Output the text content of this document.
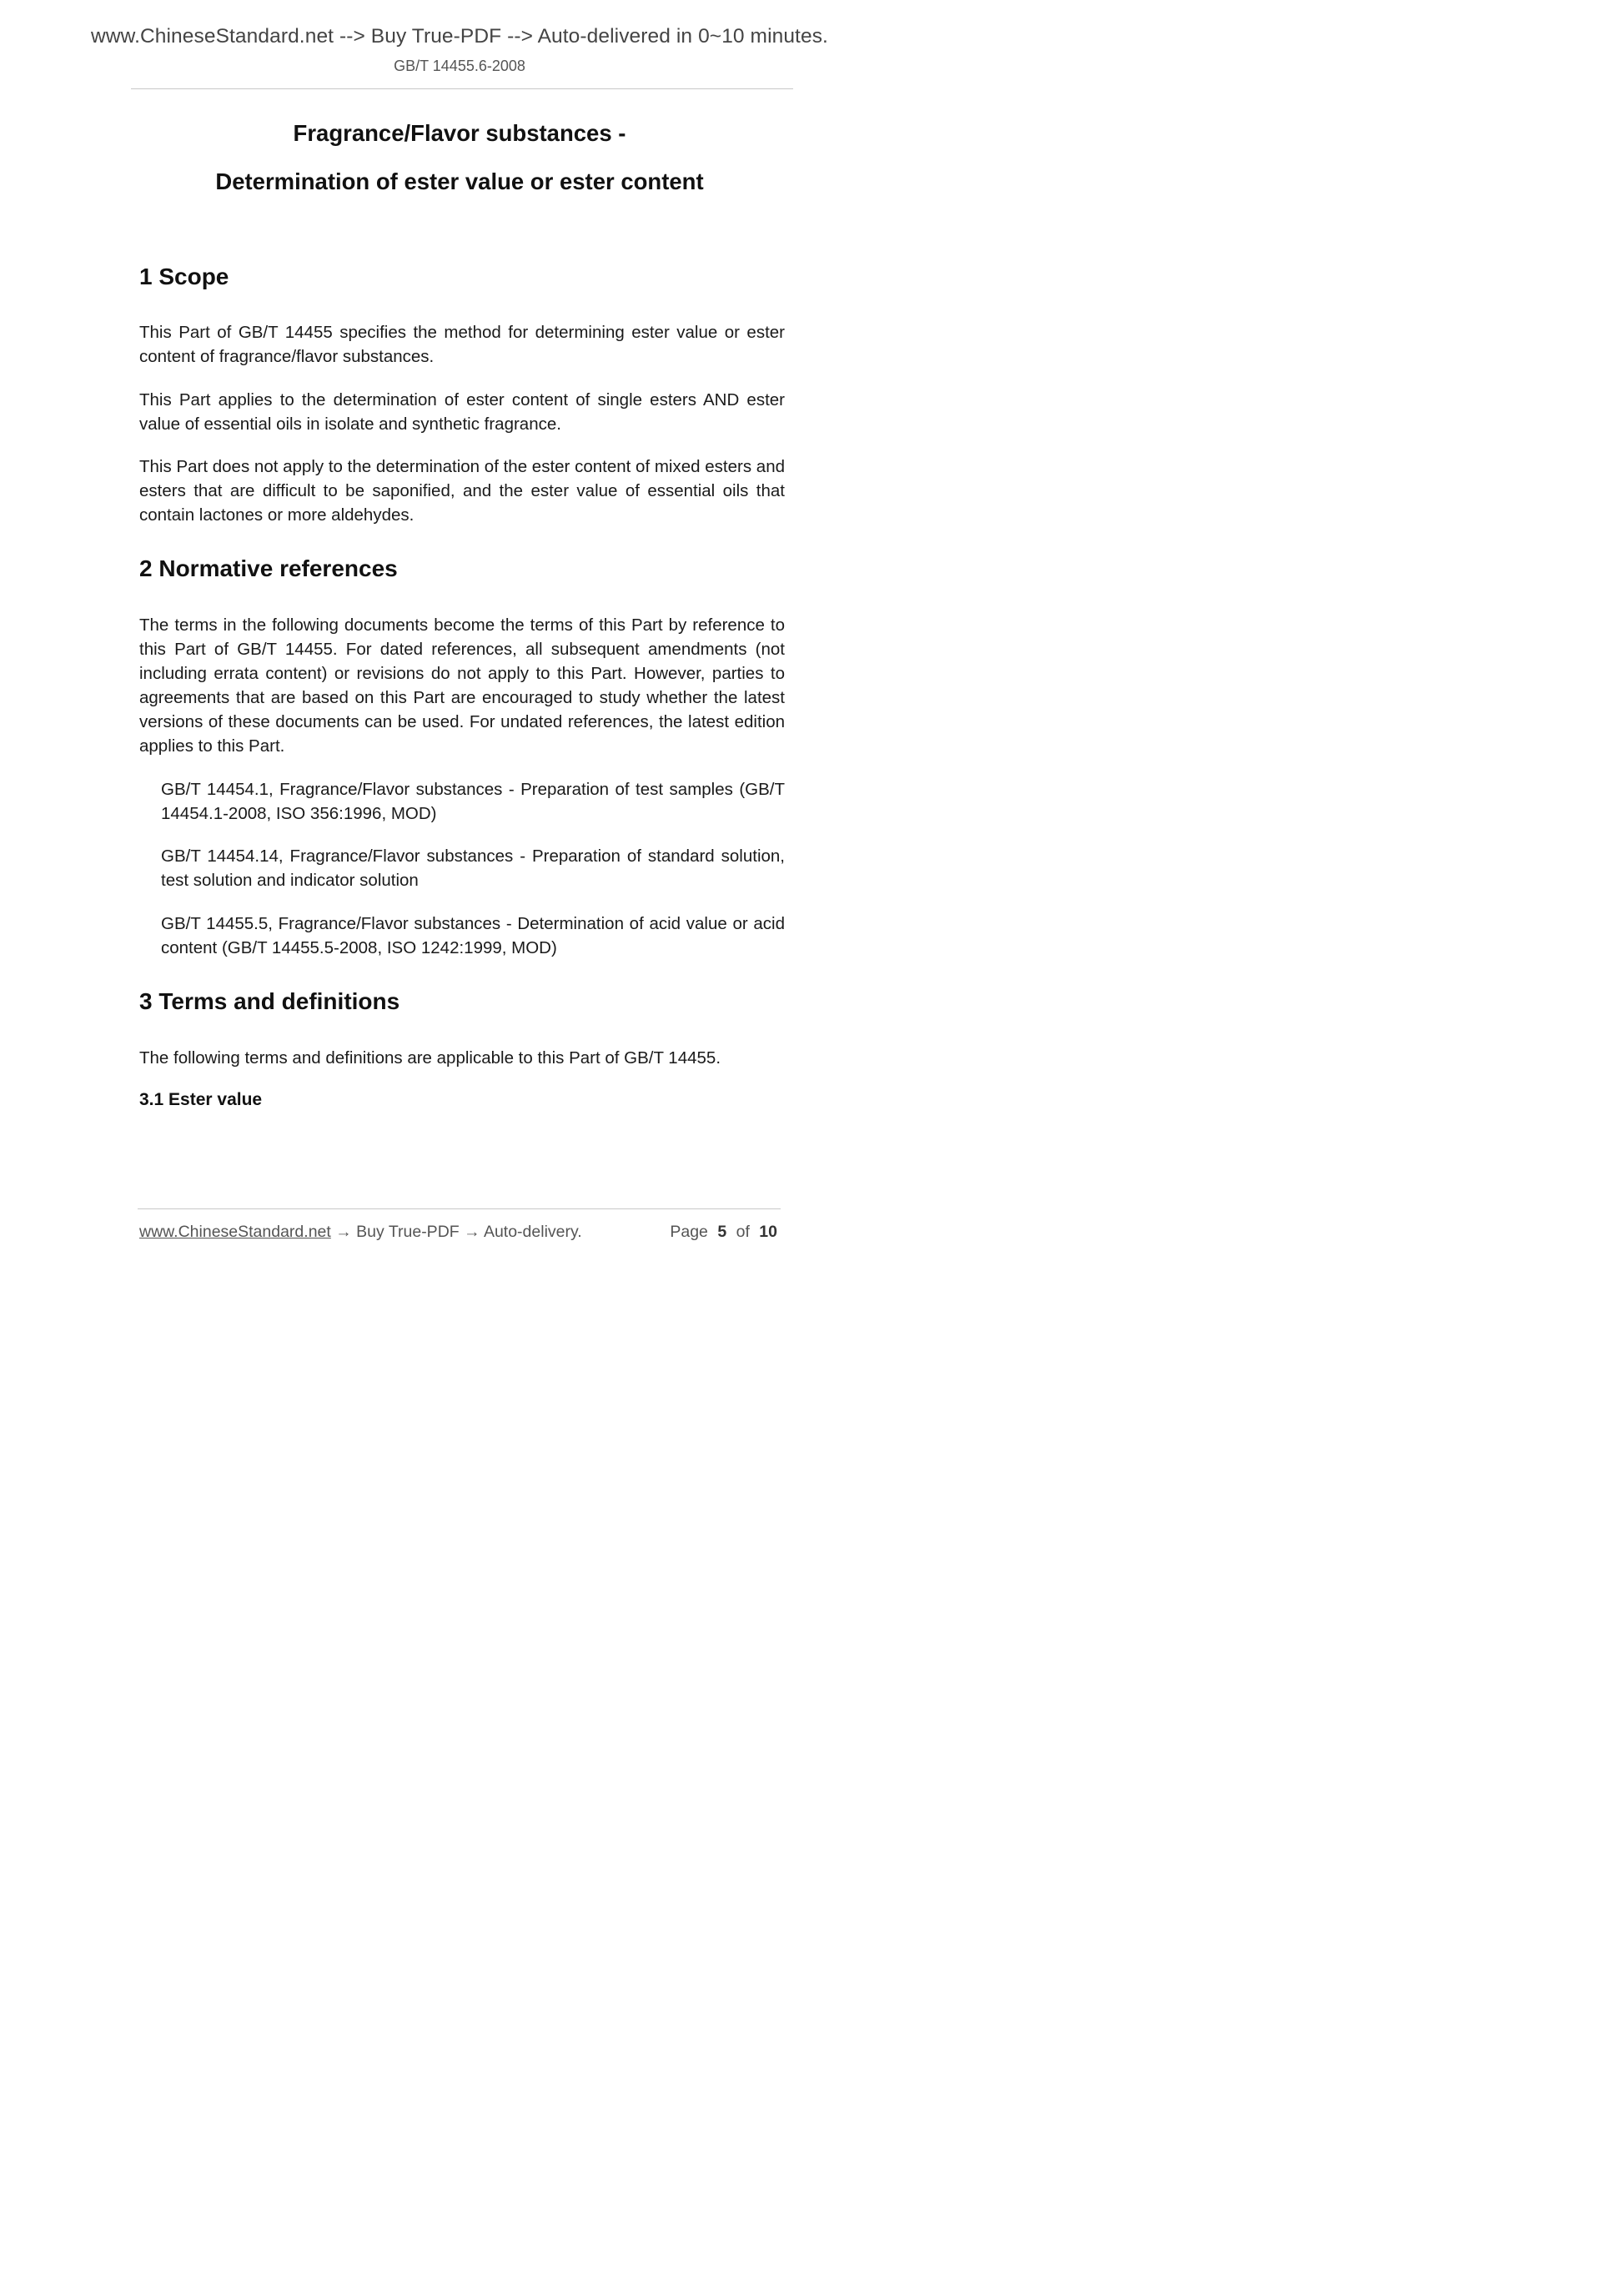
www.ChineseStandard.net --> Buy True-PDF --> Auto-delivered in 0~10 minutes.
GB/T 14455.6-2008
Fragrance/Flavor substances -
Determination of ester value or ester content
1 Scope

This Part of GB/T 14455 specifies the method for determining ester value or ester content of fragrance/flavor substances.

This Part applies to the determination of ester content of single esters AND ester value of essential oils in isolate and synthetic fragrance.

This Part does not apply to the determination of the ester content of mixed esters and esters that are difficult to be saponified, and the ester value of essential oils that contain lactones or more aldehydes.

2 Normative references

The terms in the following documents become the terms of this Part by reference to this Part of GB/T 14455. For dated references, all subsequent amendments (not including errata content) or revisions do not apply to this Part. However, parties to agreements that are based on this Part are encouraged to study whether the latest versions of these documents can be used. For undated references, the latest edition applies to this Part.

GB/T 14454.1, Fragrance/Flavor substances - Preparation of test samples (GB/T 14454.1-2008, ISO 356:1996, MOD)

GB/T 14454.14, Fragrance/Flavor substances - Preparation of standard solution, test solution and indicator solution

GB/T 14455.5, Fragrance/Flavor substances - Determination of acid value or acid content (GB/T 14455.5-2008, ISO 1242:1999, MOD)

3 Terms and definitions

The following terms and definitions are applicable to this Part of GB/T 14455.

3.1 Ester value
www.ChineseStandard.net → Buy True-PDF → Auto-delivery.	Page 5 of 10
